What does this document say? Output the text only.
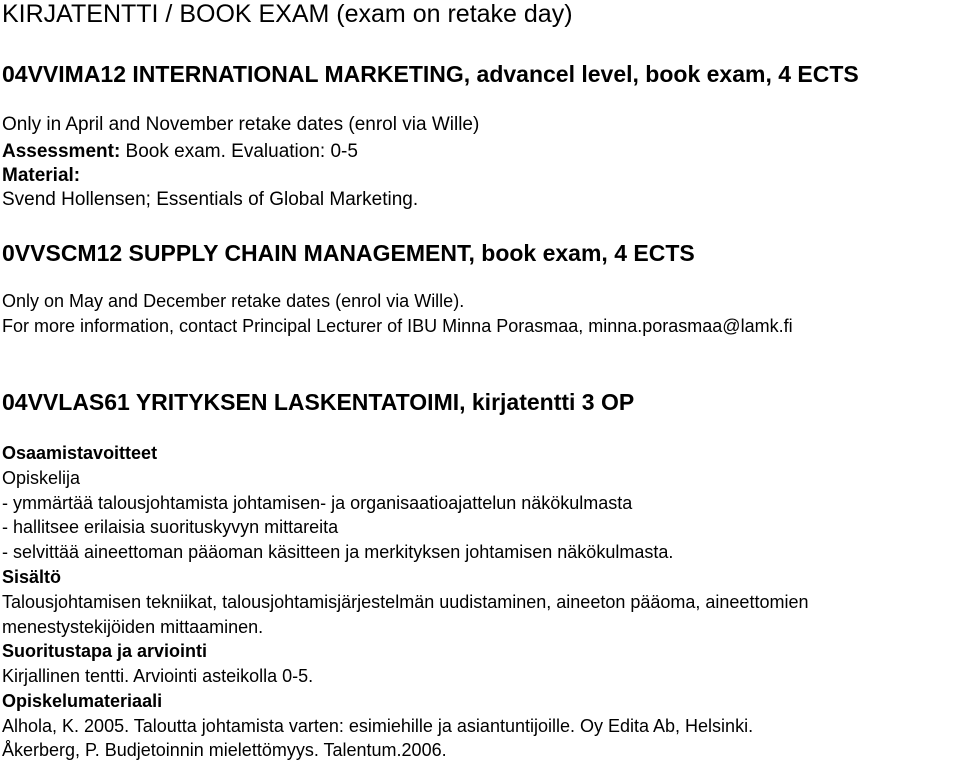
KIRJATENTTI / BOOK EXAM (exam on retake day)
04VVIMA12 INTERNATIONAL MARKETING, advancel level, book exam, 4 ECTS
Only in April and November retake dates (enrol via Wille)
Assessment: Book exam. Evaluation: 0-5
Material:
Svend Hollensen; Essentials of Global Marketing.
0VVSCM12 SUPPLY CHAIN MANAGEMENT, book exam, 4 ECTS
Only on May and December retake dates (enrol via Wille).
For more information, contact Principal Lecturer of IBU Minna Porasmaa, minna.porasmaa@lamk.fi
04VVLAS61 YRITYKSEN LASKENTATOIMI, kirjatentti 3 OP
Osaamistavoitteet
Opiskelija
- ymmärtää talousjohtamista johtamisen- ja organisaatioajattelun näkökulmasta
- hallitsee erilaisia suorituskyvyn mittareita
- selvittää aineettoman pääoman käsitteen ja merkityksen johtamisen näkökulmasta.
Sisältö
Talousjohtamisen tekniikat, talousjohtamisjärjestelmän uudistaminen, aineeton pääoma, aineettomien
menestystekijöiden mittaaminen.
Suoritustapa ja arviointi
Kirjallinen tentti. Arviointi asteikolla 0-5.
Opiskelumateriaali
Alhola, K. 2005. Taloutta johtamista varten: esimiehille ja asiantuntijoille. Oy Edita Ab, Helsinki.
Åkerberg, P. Budjetoinnin mielettömyys. Talentum.2006.
